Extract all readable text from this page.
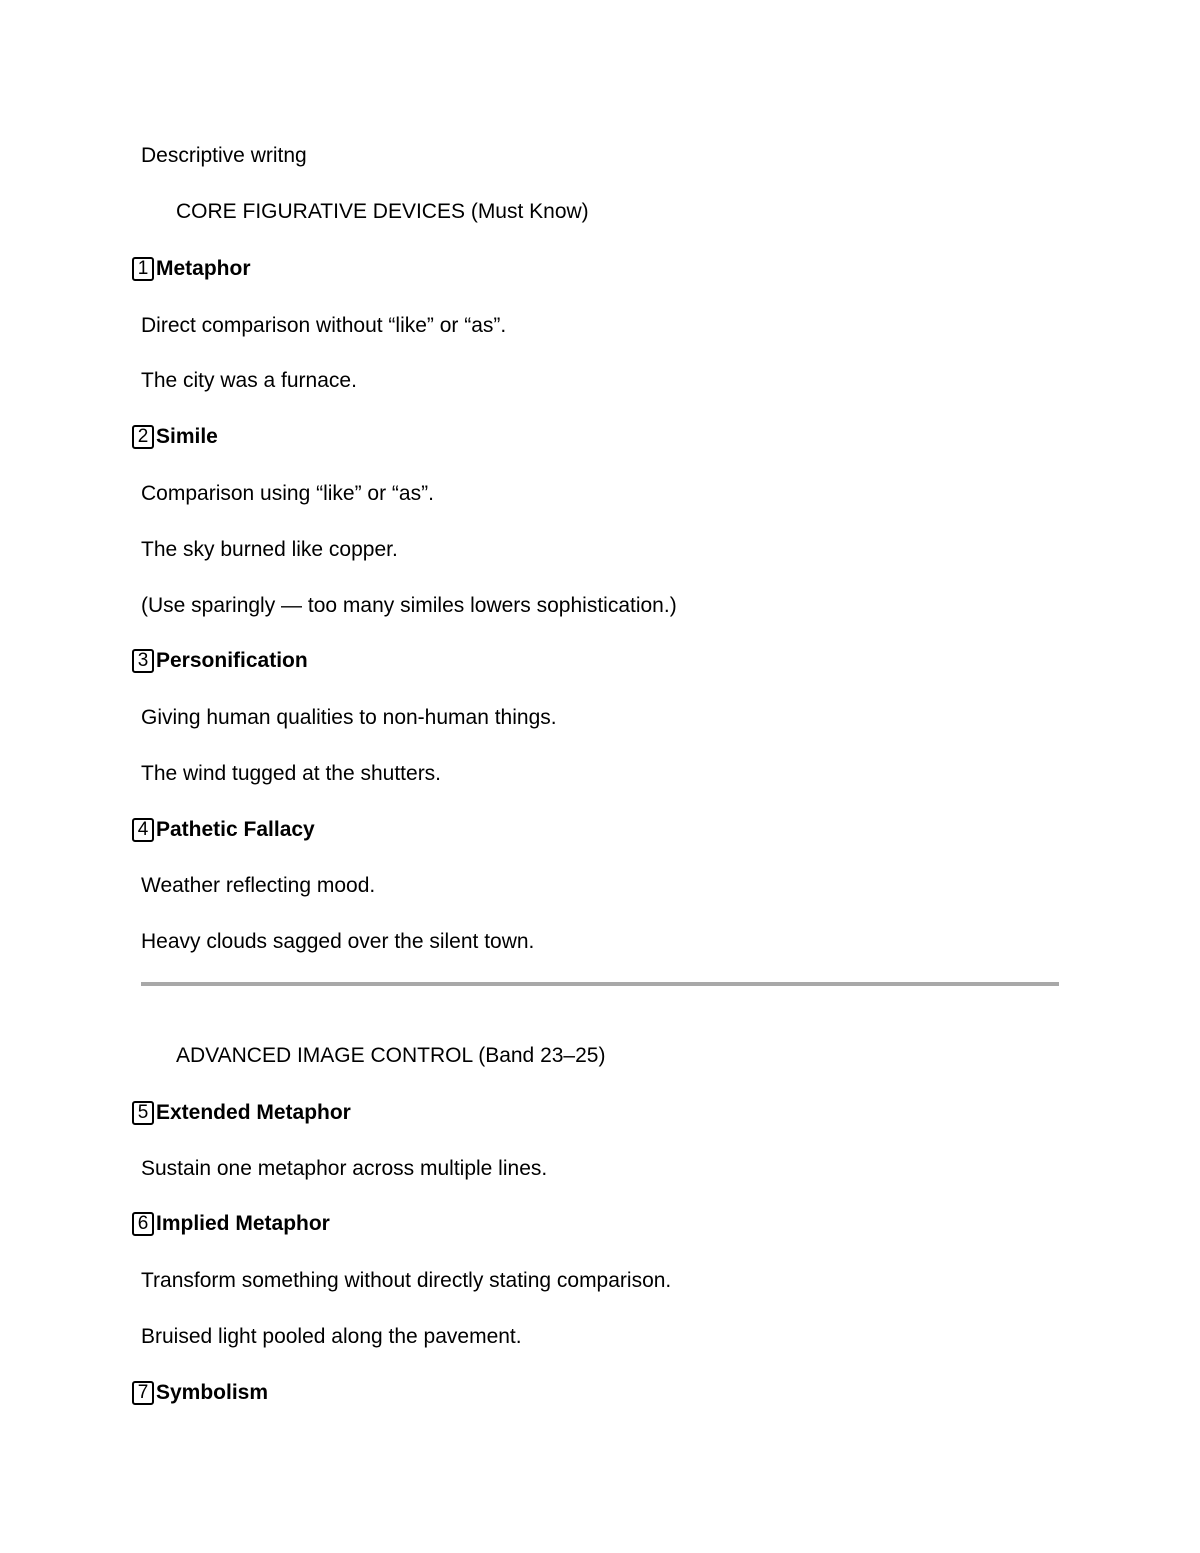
Descriptive writng
CORE FIGURATIVE DEVICES (Must Know)
1 Metaphor
Direct comparison without “like” or “as”.
The city was a furnace.
2 Simile
Comparison using “like” or “as”.
The sky burned like copper.
(Use sparingly — too many similes lowers sophistication.)
3 Personification
Giving human qualities to non-human things.
The wind tugged at the shutters.
4 Pathetic Fallacy
Weather reflecting mood.
Heavy clouds sagged over the silent town.
ADVANCED IMAGE CONTROL (Band 23–25)
5 Extended Metaphor
Sustain one metaphor across multiple lines.
6 Implied Metaphor
Transform something without directly stating comparison.
Bruised light pooled along the pavement.
7 Symbolism
